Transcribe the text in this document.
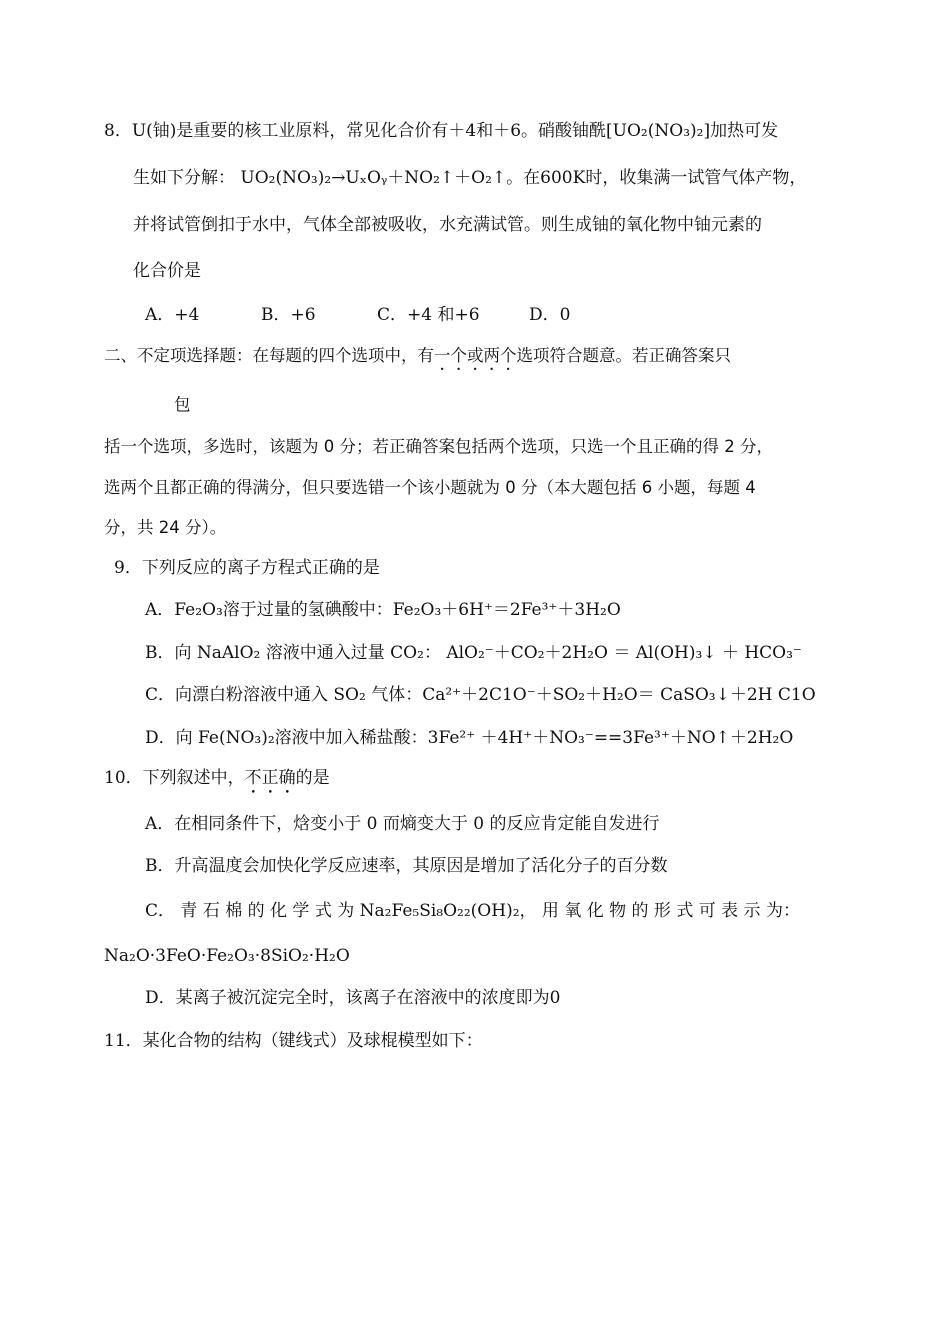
8．U(铀)是重要的核工业原料，常见化合价有＋4和＋6。硝酸铀酰[UO₂(NO₃)₂]加热可发
生如下分解： UO₂(NO₃)₂→UₓOᵧ＋NO₂↑＋O₂↑。在600K时，收集满一试管气体产物，
并将试管倒扣于水中，气体全部被吸收，水充满试管。则生成铀的氧化物中铀元素的
化合价是
A．+4	B．+6	C．+4 和+6	D．0
二、不定项选择题：在每题的四个选项中，有一个或两个选项符合题意。若正确答案只
包
括一个选项，多选时，该题为 0 分；若正确答案包括两个选项，只选一个且正确的得 2 分，
选两个且都正确的得满分，但只要选错一个该小题就为 0 分（本大题包括 6 小题，每题 4
分，共 24 分）。
9．下列反应的离子方程式正确的是
A．Fe₂O₃溶于过量的氢碘酸中：Fe₂O₃＋6H⁺＝2Fe³⁺＋3H₂O
B．向 NaAlO₂ 溶液中通入过量 CO₂： AlO₂⁻＋CO₂＋2H₂O ＝ Al(OH)₃↓ ＋ HCO₃⁻
C．向漂白粉溶液中通入 SO₂ 气体：Ca²⁺＋2C1O⁻＋SO₂＋H₂O＝ CaSO₃↓＋2H C1O
D．向 Fe(NO₃)₂溶液中加入稀盐酸：3Fe²⁺ ＋4H⁺＋NO₃⁻==3Fe³⁺＋NO↑＋2H₂O
10．下列叙述中，不正确的是
A．在相同条件下，焓变小于 0 而熵变大于 0 的反应肯定能自发进行
B．升高温度会加快化学反应速率，其原因是增加了活化分子的百分数
C． 青 石 棉 的 化 学 式 为 Na₂Fe₅Si₈O₂₂(OH)₂， 用 氧 化 物 的 形 式 可 表 示 为：
Na₂O·3FeO·Fe₂O₃·8SiO₂·H₂O
D．某离子被沉淀完全时，该离子在溶液中的浓度即为0
11．某化合物的结构（键线式）及球棍模型如下：
